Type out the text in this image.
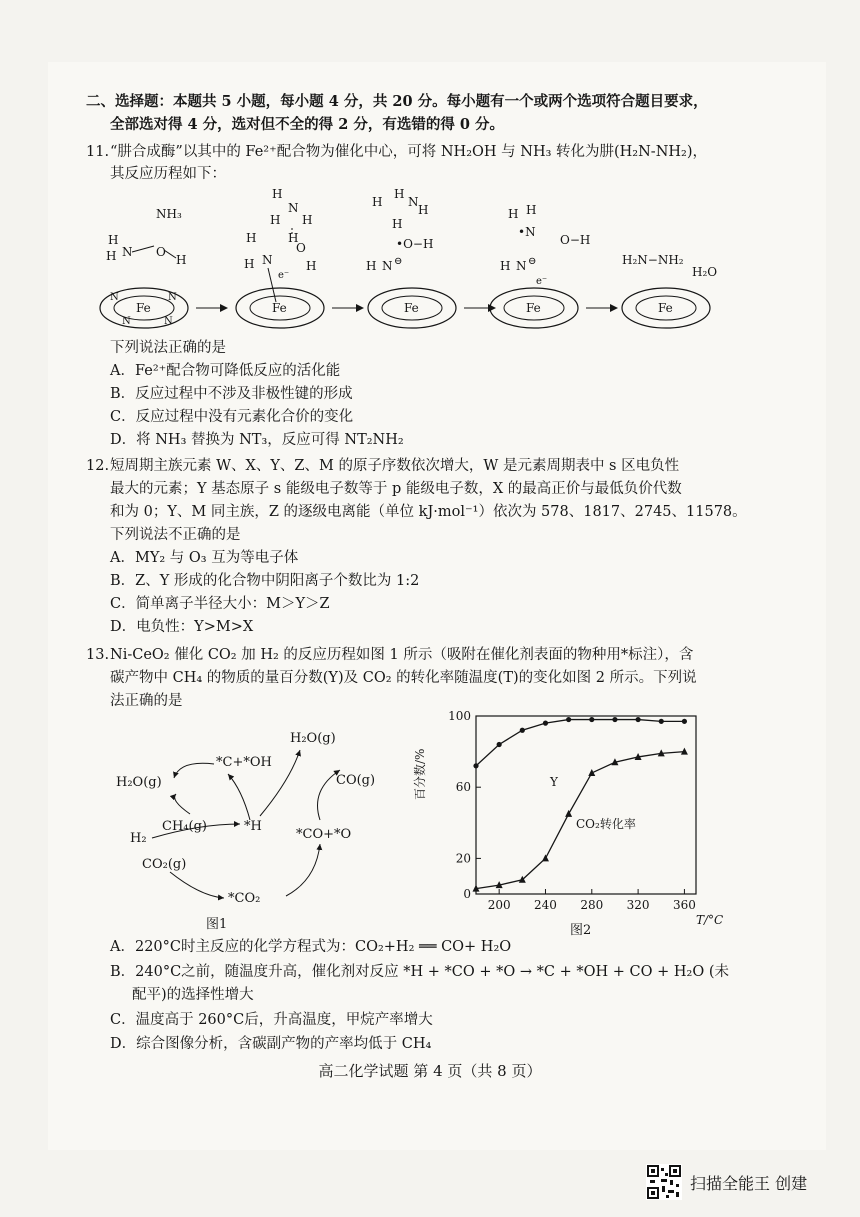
二、选择题：本题共 5 小题，每小题 4 分，共 20 分。每小题有一个或两个选项符合题目要求，
全部选对得 4 分，选对但不全的得 2 分，有选错的得 0 分。
11. “肼合成酶”以其中的 Fe²⁺配合物为催化中心，可将 NH₂OH 与 NH₃ 转化为肼(H₂N-NH₂)，
其反应历程如下：
NH₃
H
H N O
H
Fe
N	N
N	N
H
N
H H
H
H
H N
O
H
e⁻
Fe
H
N
H
H
H
•O−H
H N ⊖
Fe
H H
•N
O−H
H N ⊖
e⁻
Fe
H₂N−NH₂
H₂O
Fe
下列说法正确的是
A．Fe²⁺配合物可降低反应的活化能
B．反应过程中不涉及非极性键的形成
C．反应过程中没有元素化合价的变化
D．将 NH₃ 替换为 NT₃，反应可得 NT₂NH₂
12. 短周期主族元素 W、X、Y、Z、M 的原子序数依次增大，W 是元素周期表中 s 区电负性
最大的元素；Y 基态原子 s 能级电子数等于 p 能级电子数，X 的最高正价与最低负价代数
和为 0；Y、M 同主族，Z 的逐级电离能（单位 kJ·mol⁻¹）依次为 578、1817、2745、11578。
下列说法不正确的是
A．MY₂ 与 O₃ 互为等电子体
B．Z、Y 形成的化合物中阴阳离子个数比为 1:2
C．简单离子半径大小：M＞Y＞Z
D．电负性：Y>M>X
13. Ni-CeO₂ 催化 CO₂ 加 H₂ 的反应历程如图 1 所示（吸附在催化剂表面的物种用*标注），含
碳产物中 CH₄ 的物质的量百分数(Y)及 CO₂ 的转化率随温度(T)的变化如图 2 所示。下列说
法正确的是
H₂O(g)
*C+*OH
H₂O(g)	CO(g)
CH₄(g)	*H
*CO+*O
H₂
CO₂(g)
*CO₂
图1
200 240 280 320 360
0
20
60
100
百分数/%
T/°C
Y
CO₂转化率
图2
A．220°C时主反应的化学方程式为：CO₂+H₂ ══ CO+ H₂O
B．240°C之前，随温度升高，催化剂对反应 *H + *CO + *O → *C + *OH + CO + H₂O (未
配平)的选择性增大
C．温度高于 260°C后，升高温度，甲烷产率增大
D．综合图像分析，含碳副产物的产率均低于 CH₄
高二化学试题 第 4 页（共 8 页）
扫描全能王 创建
